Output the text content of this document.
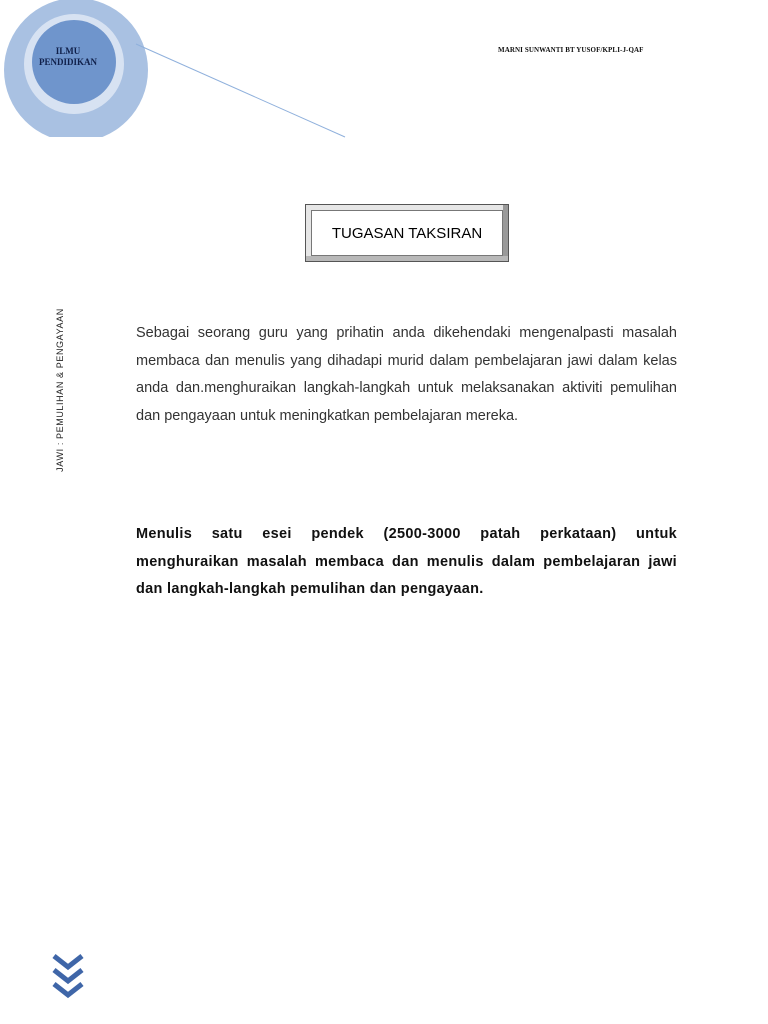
ILMU PENDIDIKAN
MARNI SUNWANTI BT YUSOF/KPLI-J-QAF
TUGASAN TAKSIRAN
JAWI : PEMULIHAN & PENGAYAAN	Sebagai seorang guru yang prihatin anda dikehendaki mengenalpasti masalah membaca dan menulis yang dihadapi murid dalam pembelajaran jawi dalam kelas anda dan.menghuraikan langkah-langkah untuk melaksanakan aktiviti pemulihan dan pengayaan untuk meningkatkan pembelajaran mereka.

Menulis satu esei pendek (2500-3000 patah perkataan) untuk menghuraikan masalah membaca dan menulis dalam pembelajaran jawi dan langkah-langkah pemulihan dan pengayaan.
